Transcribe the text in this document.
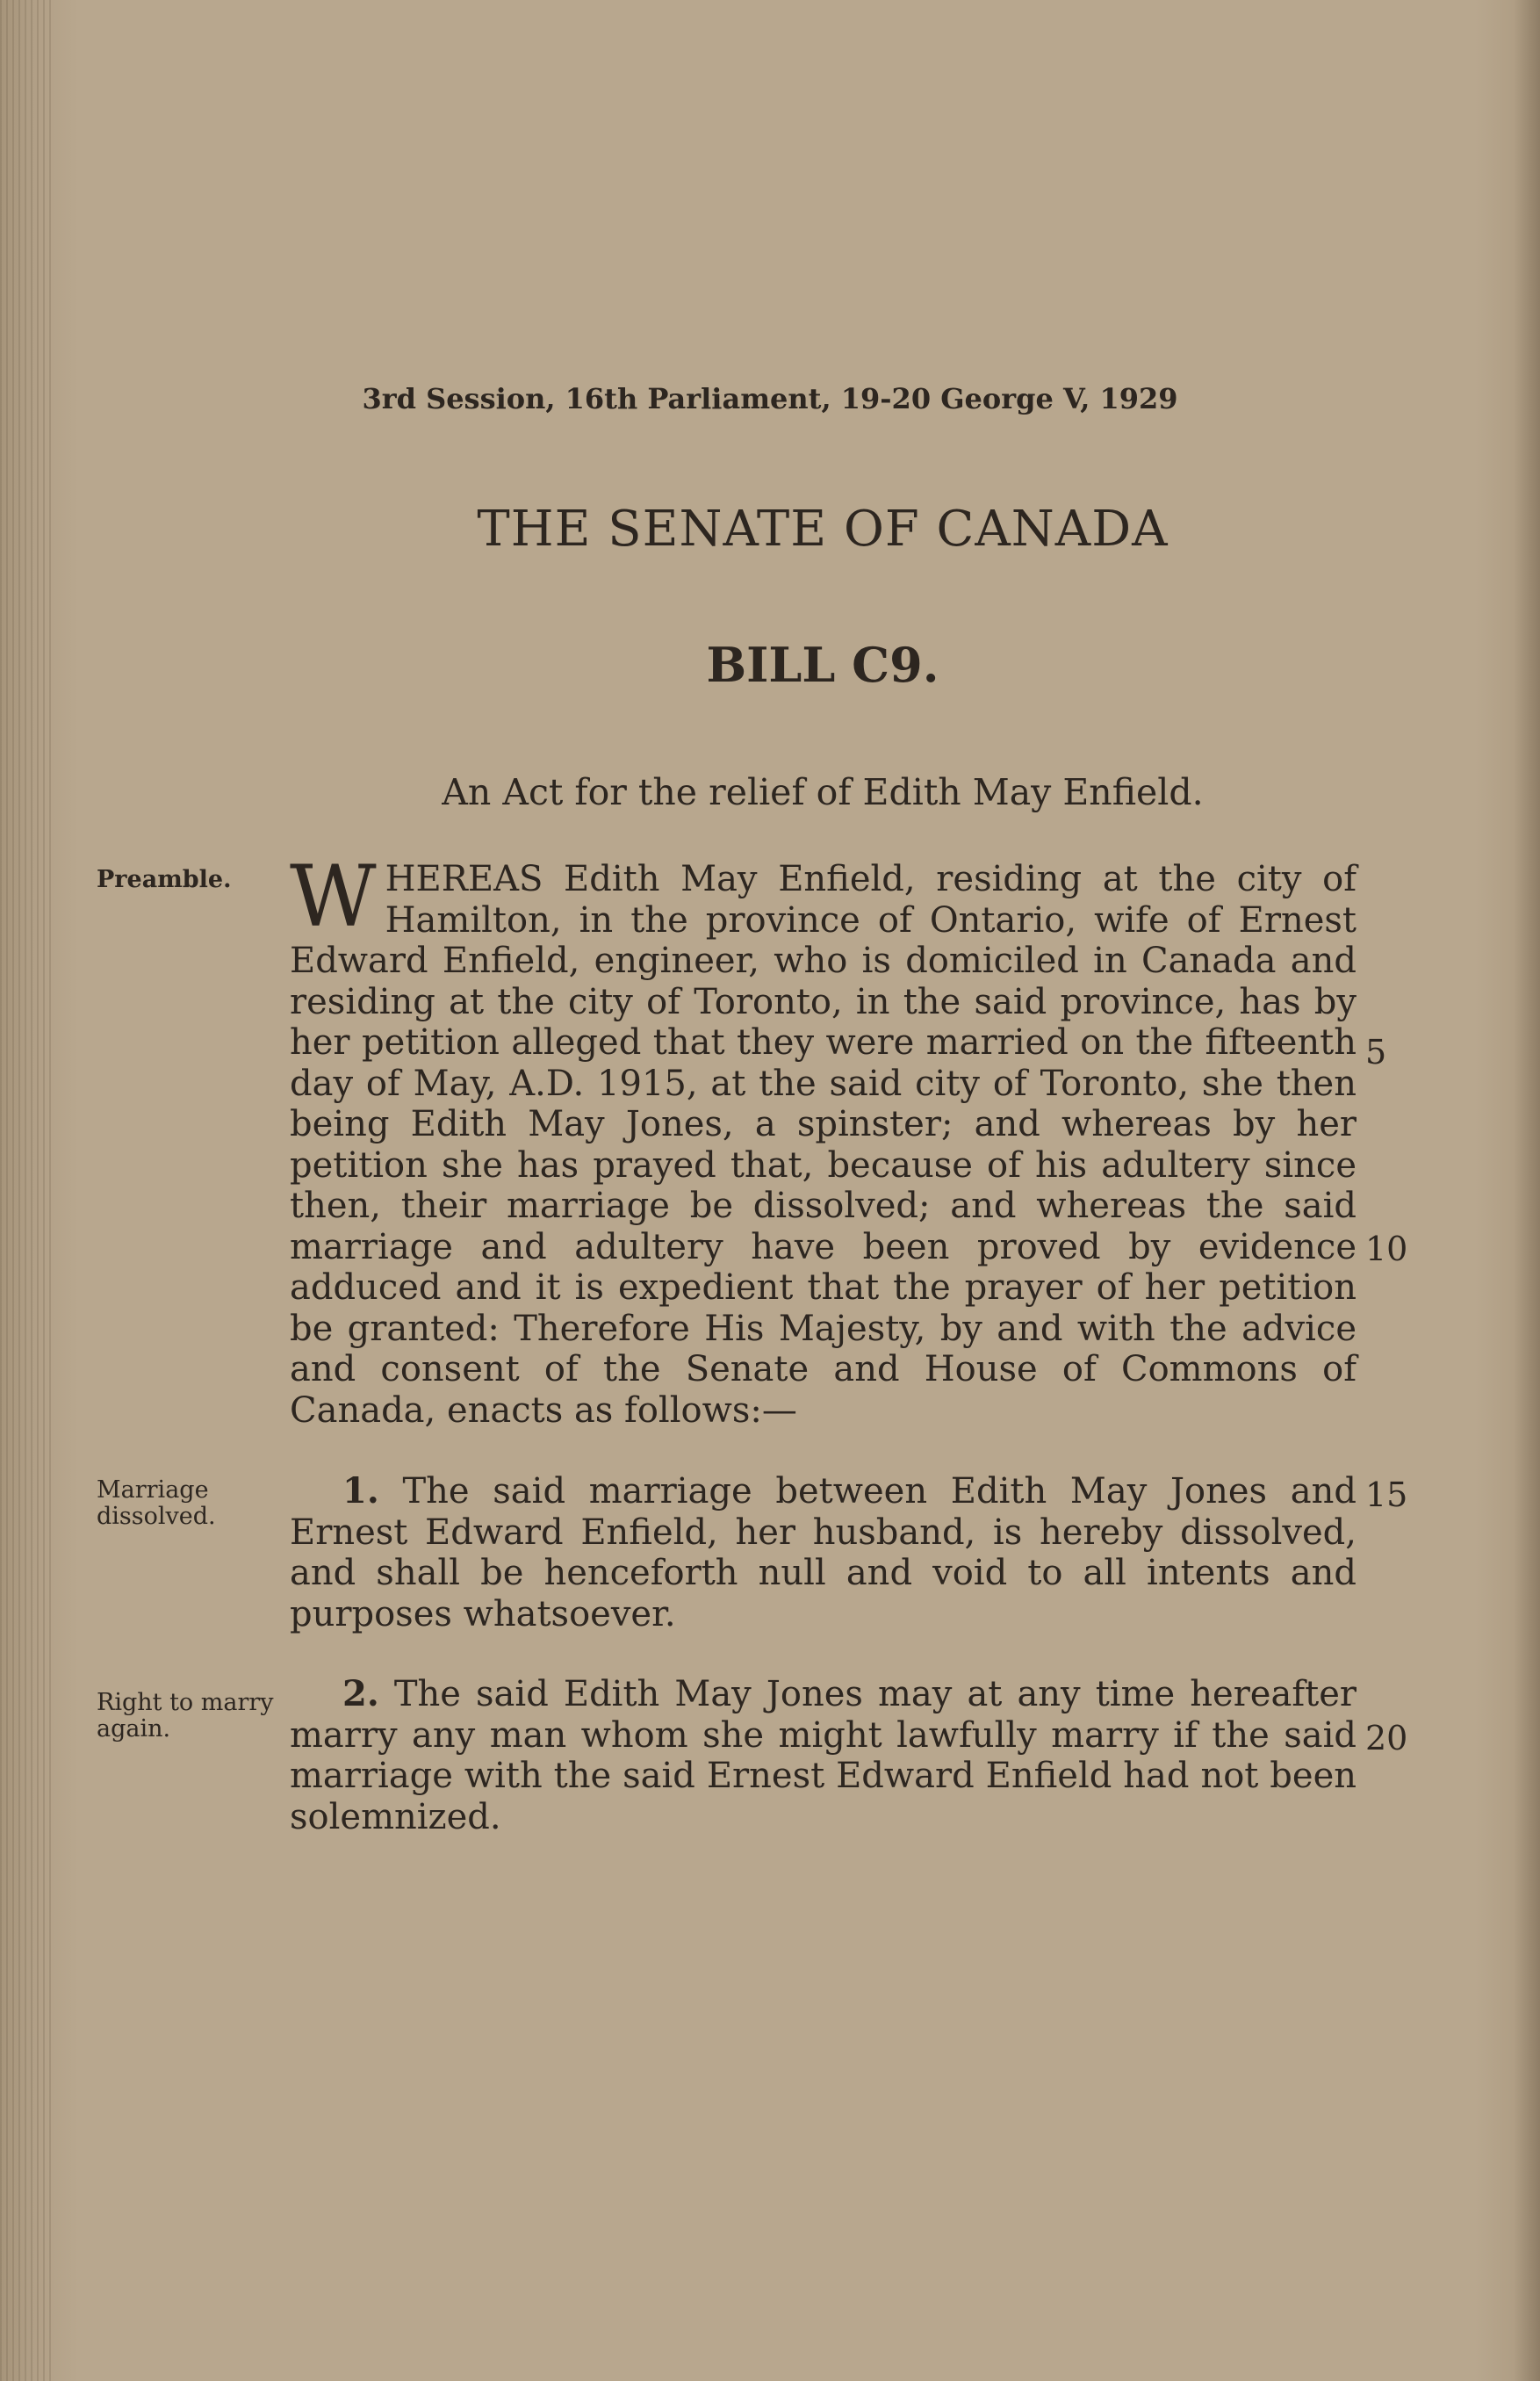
3rd Session, 16th Parliament, 19-20 George V, 1929
THE SENATE OF CANADA
BILL C9.
An Act for the relief of Edith May Enfield.
Preamble. WHEREAS Edith May Enfield, residing at the city of Hamilton, in the province of Ontario, wife of Ernest Edward Enfield, engineer, who is domiciled in Canada and residing at the city of Toronto, in the said province, has by her petition alleged that they were married on the fifteenth day of May, A.D. 1915, at the said city of Toronto, she then being Edith May Jones, a spinster; and whereas by her petition she has prayed that, because of his adultery since then, their marriage be dissolved; and whereas the said marriage and adultery have been proved by evidence adduced and it is expedient that the prayer of her petition be granted: Therefore His Majesty, by and with the advice and consent of the Senate and House of Commons of Canada, enacts as follows:—
Marriage dissolved.
1. The said marriage between Edith May Jones and Ernest Edward Enfield, her husband, is hereby dissolved, and shall be henceforth null and void to all intents and purposes whatsoever.
Right to marry again.
2. The said Edith May Jones may at any time hereafter marry any man whom she might lawfully marry if the said marriage with the said Ernest Edward Enfield had not been solemnized.
5
10
15
20
